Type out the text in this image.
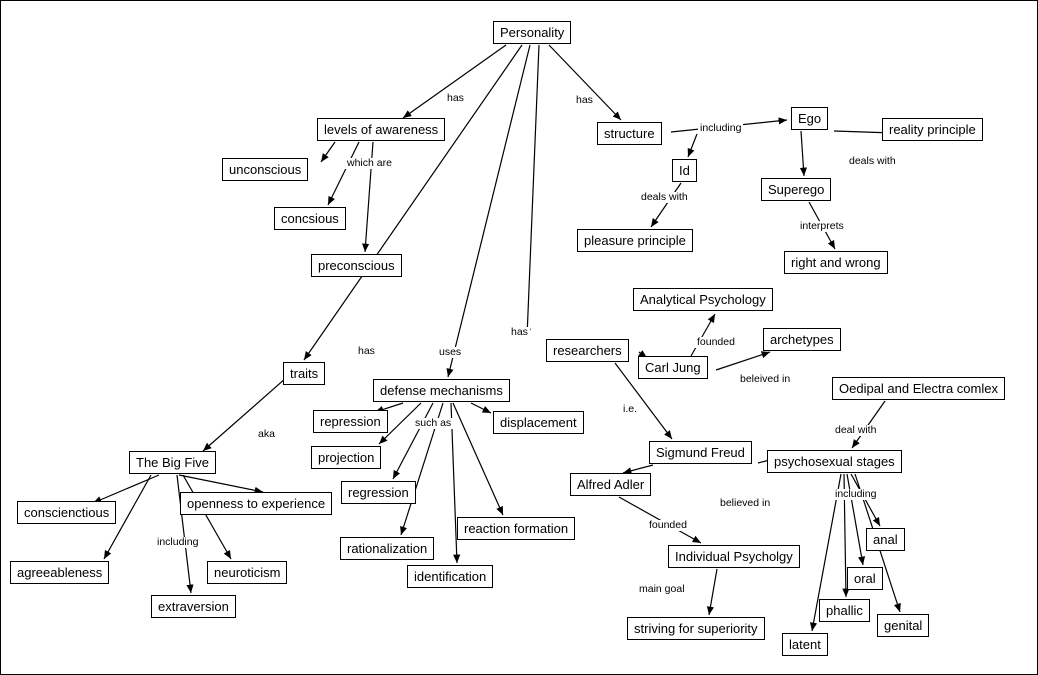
Personality
levels of awareness
unconscious
concsious
preconscious
structure
Ego
reality principle
Id
Superego
pleasure principle
right and wrong
Analytical Psychology
archetypes
researchers
Carl Jung
Oedipal and Electra comlex
traits
defense mechanisms
repression	displacement
projection	Sigmund Freud
psychosexual stages
The Big Five
regression
Alfred Adler
openness to experience
conscienctious
reaction formation
anal
rationalization
Individual Psycholgy
neuroticism
agreeableness	oral
identification
extraversion	phallic
genital
striving for superiority
latent
has	has
including
which are	deals with
deals with
interprets
founded
has
has
uses
beleived in
i.e.
such as
aka	deal with
including
believed in
including
founded
main goal
